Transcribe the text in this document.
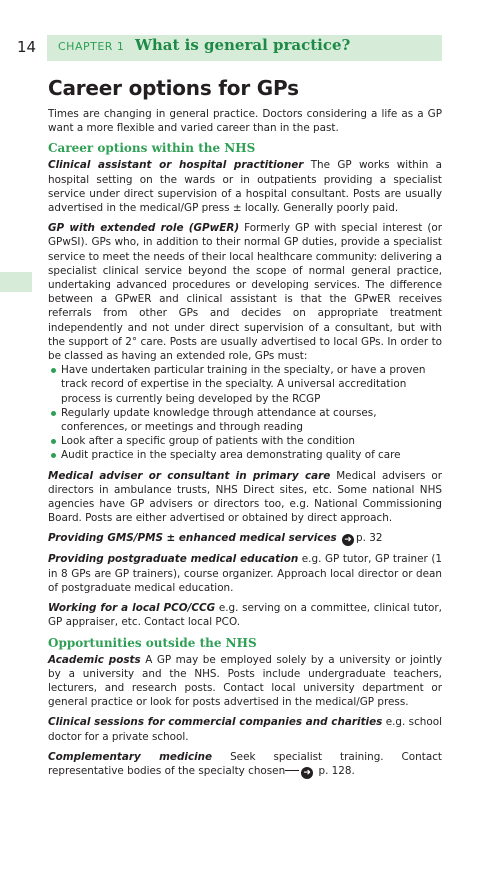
14 CHAPTER 1 What is general practice?
Career options for GPs

Times are changing in general practice. Doctors considering a life as a GP want a more flexible and varied career than in the past.

Career options within the NHS

Clinical assistant or hospital practitioner The GP works within a hospital setting on the wards or in outpatients providing a specialist service under direct supervision of a hospital consultant. Posts are usually advertised in the medical/GP press ± locally. Generally poorly paid.

GP with extended role (GPwER) Formerly GP with special interest (or GPwSI). GPs who, in addition to their normal GP duties, provide a specialist service to meet the needs of their local healthcare community: delivering a specialist clinical service beyond the scope of normal general practice, undertaking advanced procedures or developing services. The difference between a GPwER and clinical assistant is that the GPwER receives referrals from other GPs and decides on appropriate treatment independently and not under direct supervision of a consultant, but with the support of 2° care. Posts are usually advertised to local GPs. In order to be classed as having an extended role, GPs must:

Have undertaken particular training in the specialty, or have a proven track record of expertise in the specialty. A universal accreditation process is currently being developed by the RCGP
Regularly update knowledge through attendance at courses, conferences, or meetings and through reading
Look after a specific group of patients with the condition
Audit practice in the specialty area demonstrating quality of care

Medical adviser or consultant in primary care Medical advisers or directors in ambulance trusts, NHS Direct sites, etc. Some national NHS agencies have GP advisers or directors too, e.g. National Commissioning Board. Posts are either advertised or obtained by direct approach.

Providing GMS/PMS ± enhanced medical services ➜ p. 32

Providing postgraduate medical education e.g. GP tutor, GP trainer (1 in 8 GPs are GP trainers), course organizer. Approach local director or dean of postgraduate medical education.

Working for a local PCO/CCG e.g. serving on a committee, clinical tutor, GP appraiser, etc. Contact local PCO.

Opportunities outside the NHS

Academic posts A GP may be employed solely by a university or jointly by a university and the NHS. Posts include undergraduate teachers, lecturers, and research posts. Contact local university department or general practice or look for posts advertised in the medical/GP press.

Clinical sessions for commercial companies and charities e.g. school doctor for a private school.

Complementary medicine Seek specialist training. Contact representative bodies of the specialty chosen ➜ p. 128.
